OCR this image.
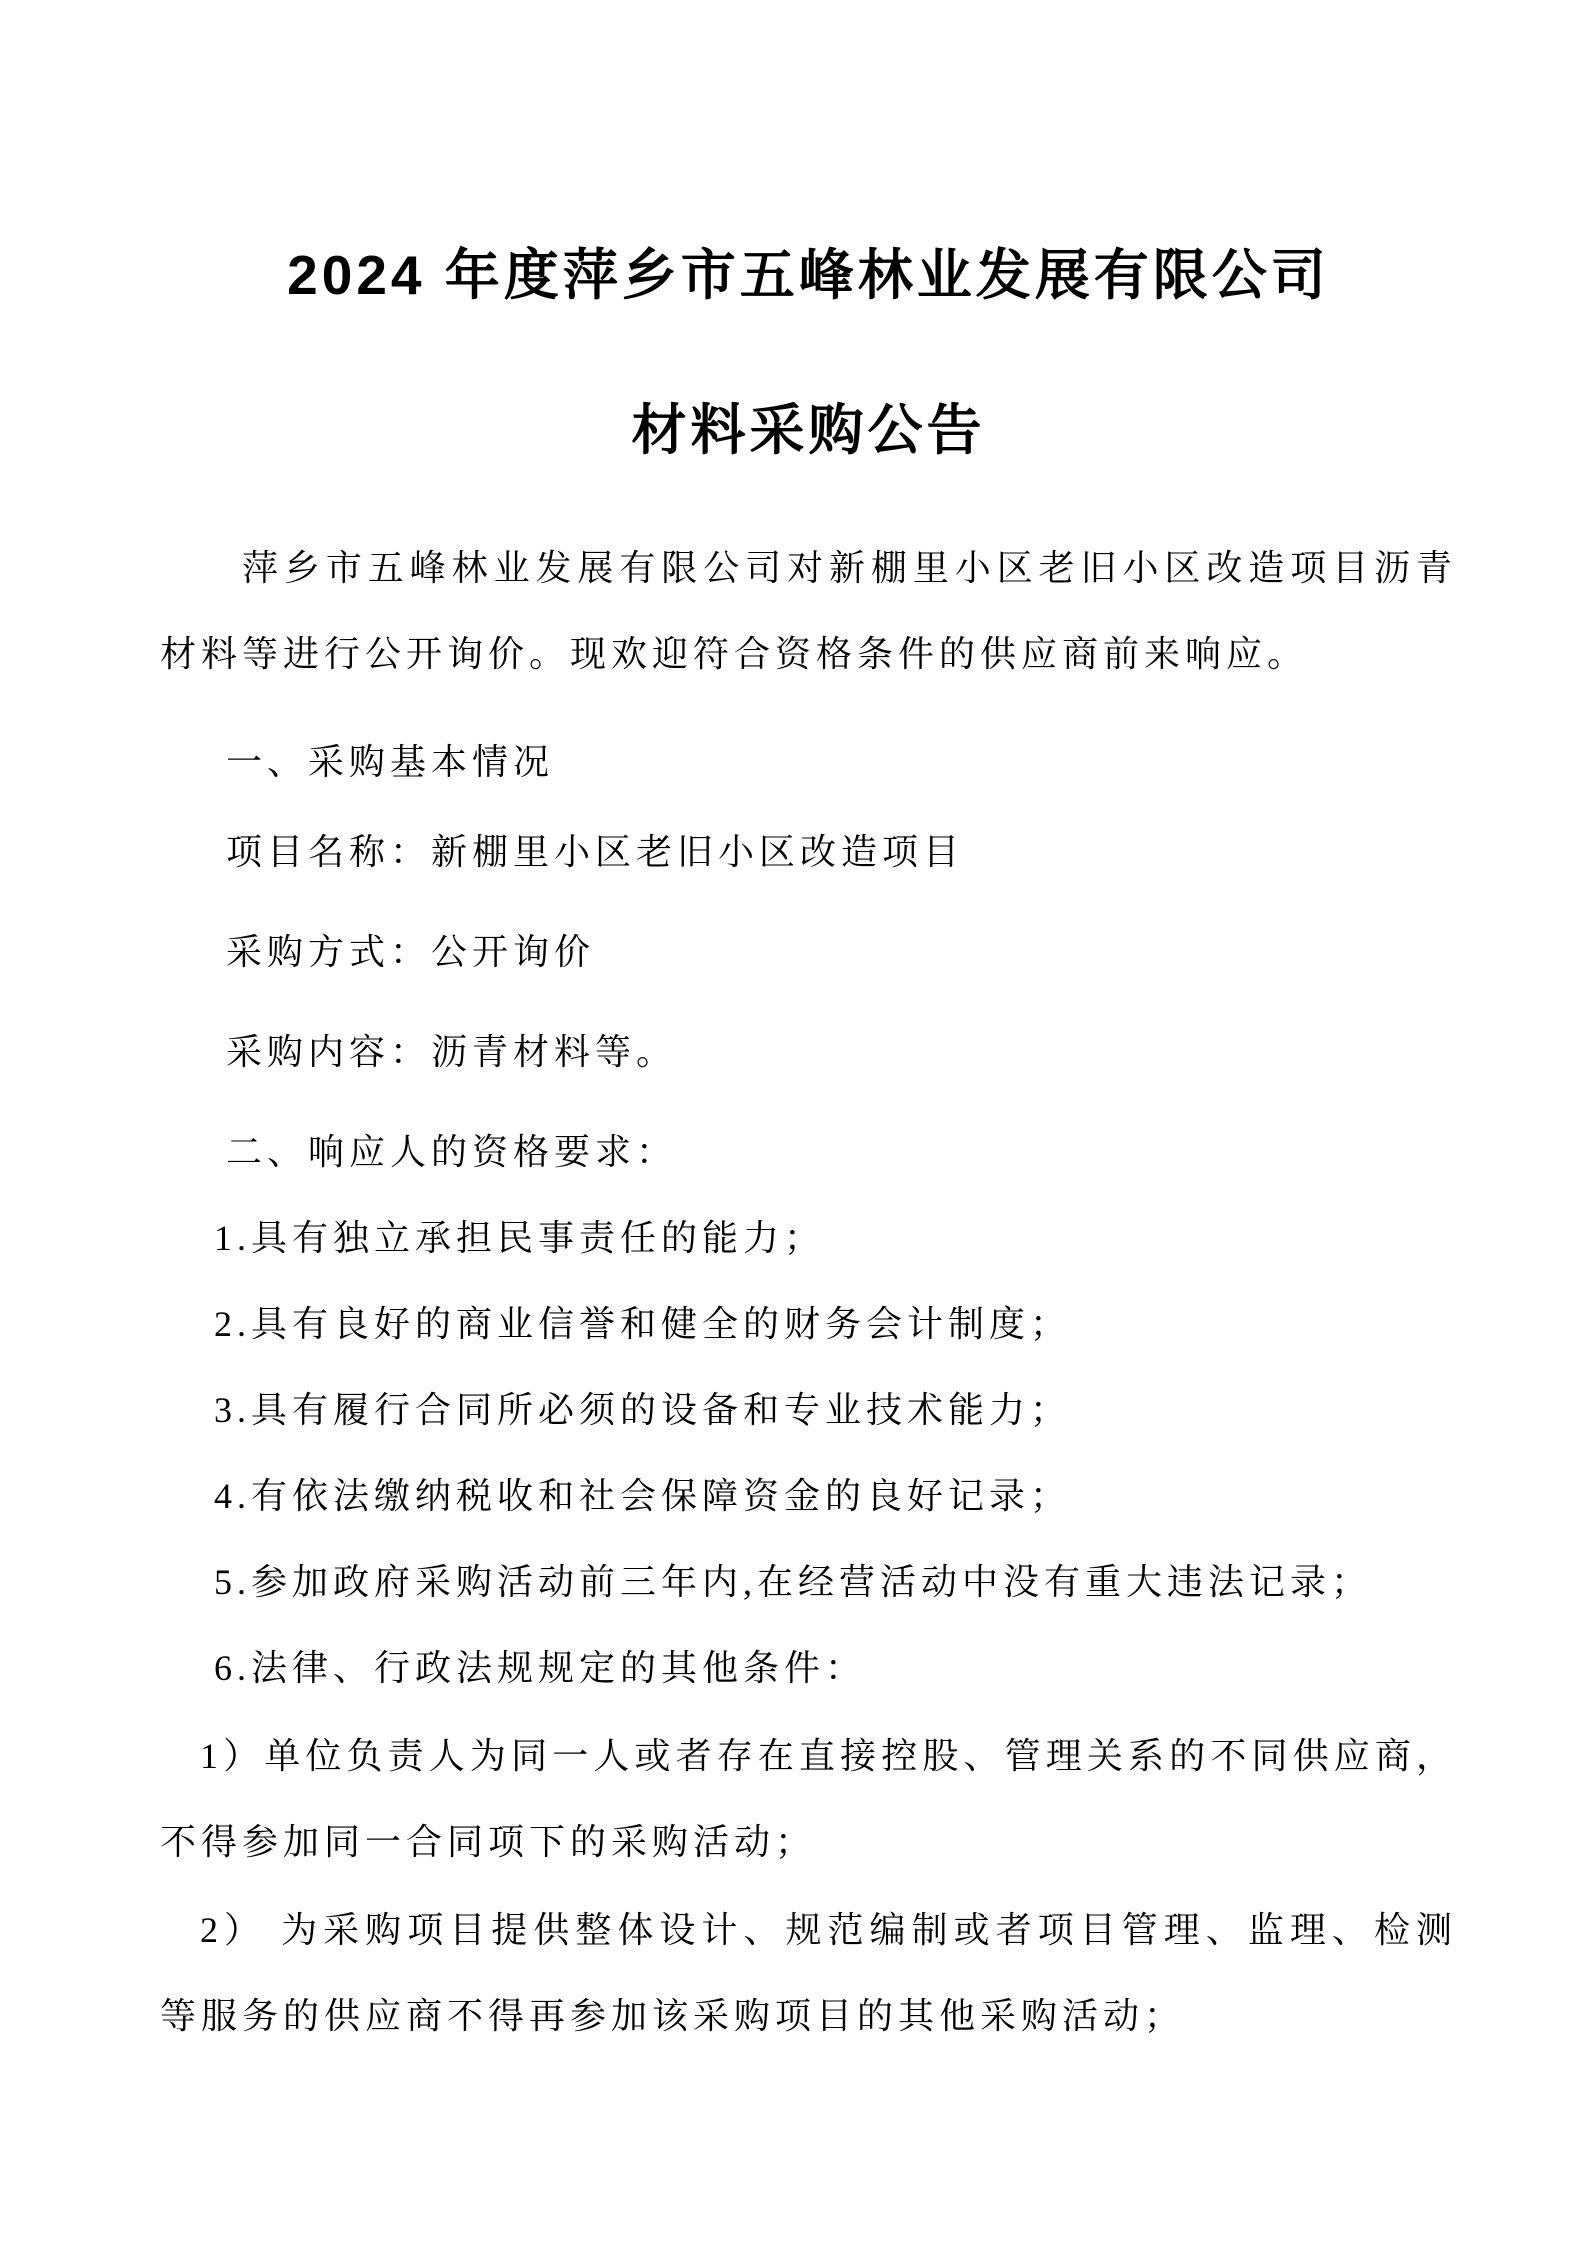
2024 年度萍乡市五峰林业发展有限公司
材料采购公告

萍乡市五峰林业发展有限公司对新棚里小区老旧小区改造项目沥青材料等进行公开询价。现欢迎符合资格条件的供应商前来响应。

一、采购基本情况

项目名称：新棚里小区老旧小区改造项目

采购方式：公开询价

采购内容：沥青材料等。

二、响应人的资格要求：

1.具有独立承担民事责任的能力；

2.具有良好的商业信誉和健全的财务会计制度；

3.具有履行合同所必须的设备和专业技术能力；

4.有依法缴纳税收和社会保障资金的良好记录；

5.参加政府采购活动前三年内,在经营活动中没有重大违法记录；

6.法律、行政法规规定的其他条件：

1）单位负责人为同一人或者存在直接控股、管理关系的不同供应商，不得参加同一合同项下的采购活动；

2） 为采购项目提供整体设计、规范编制或者项目管理、监理、检测等服务的供应商不得再参加该采购项目的其他采购活动；
